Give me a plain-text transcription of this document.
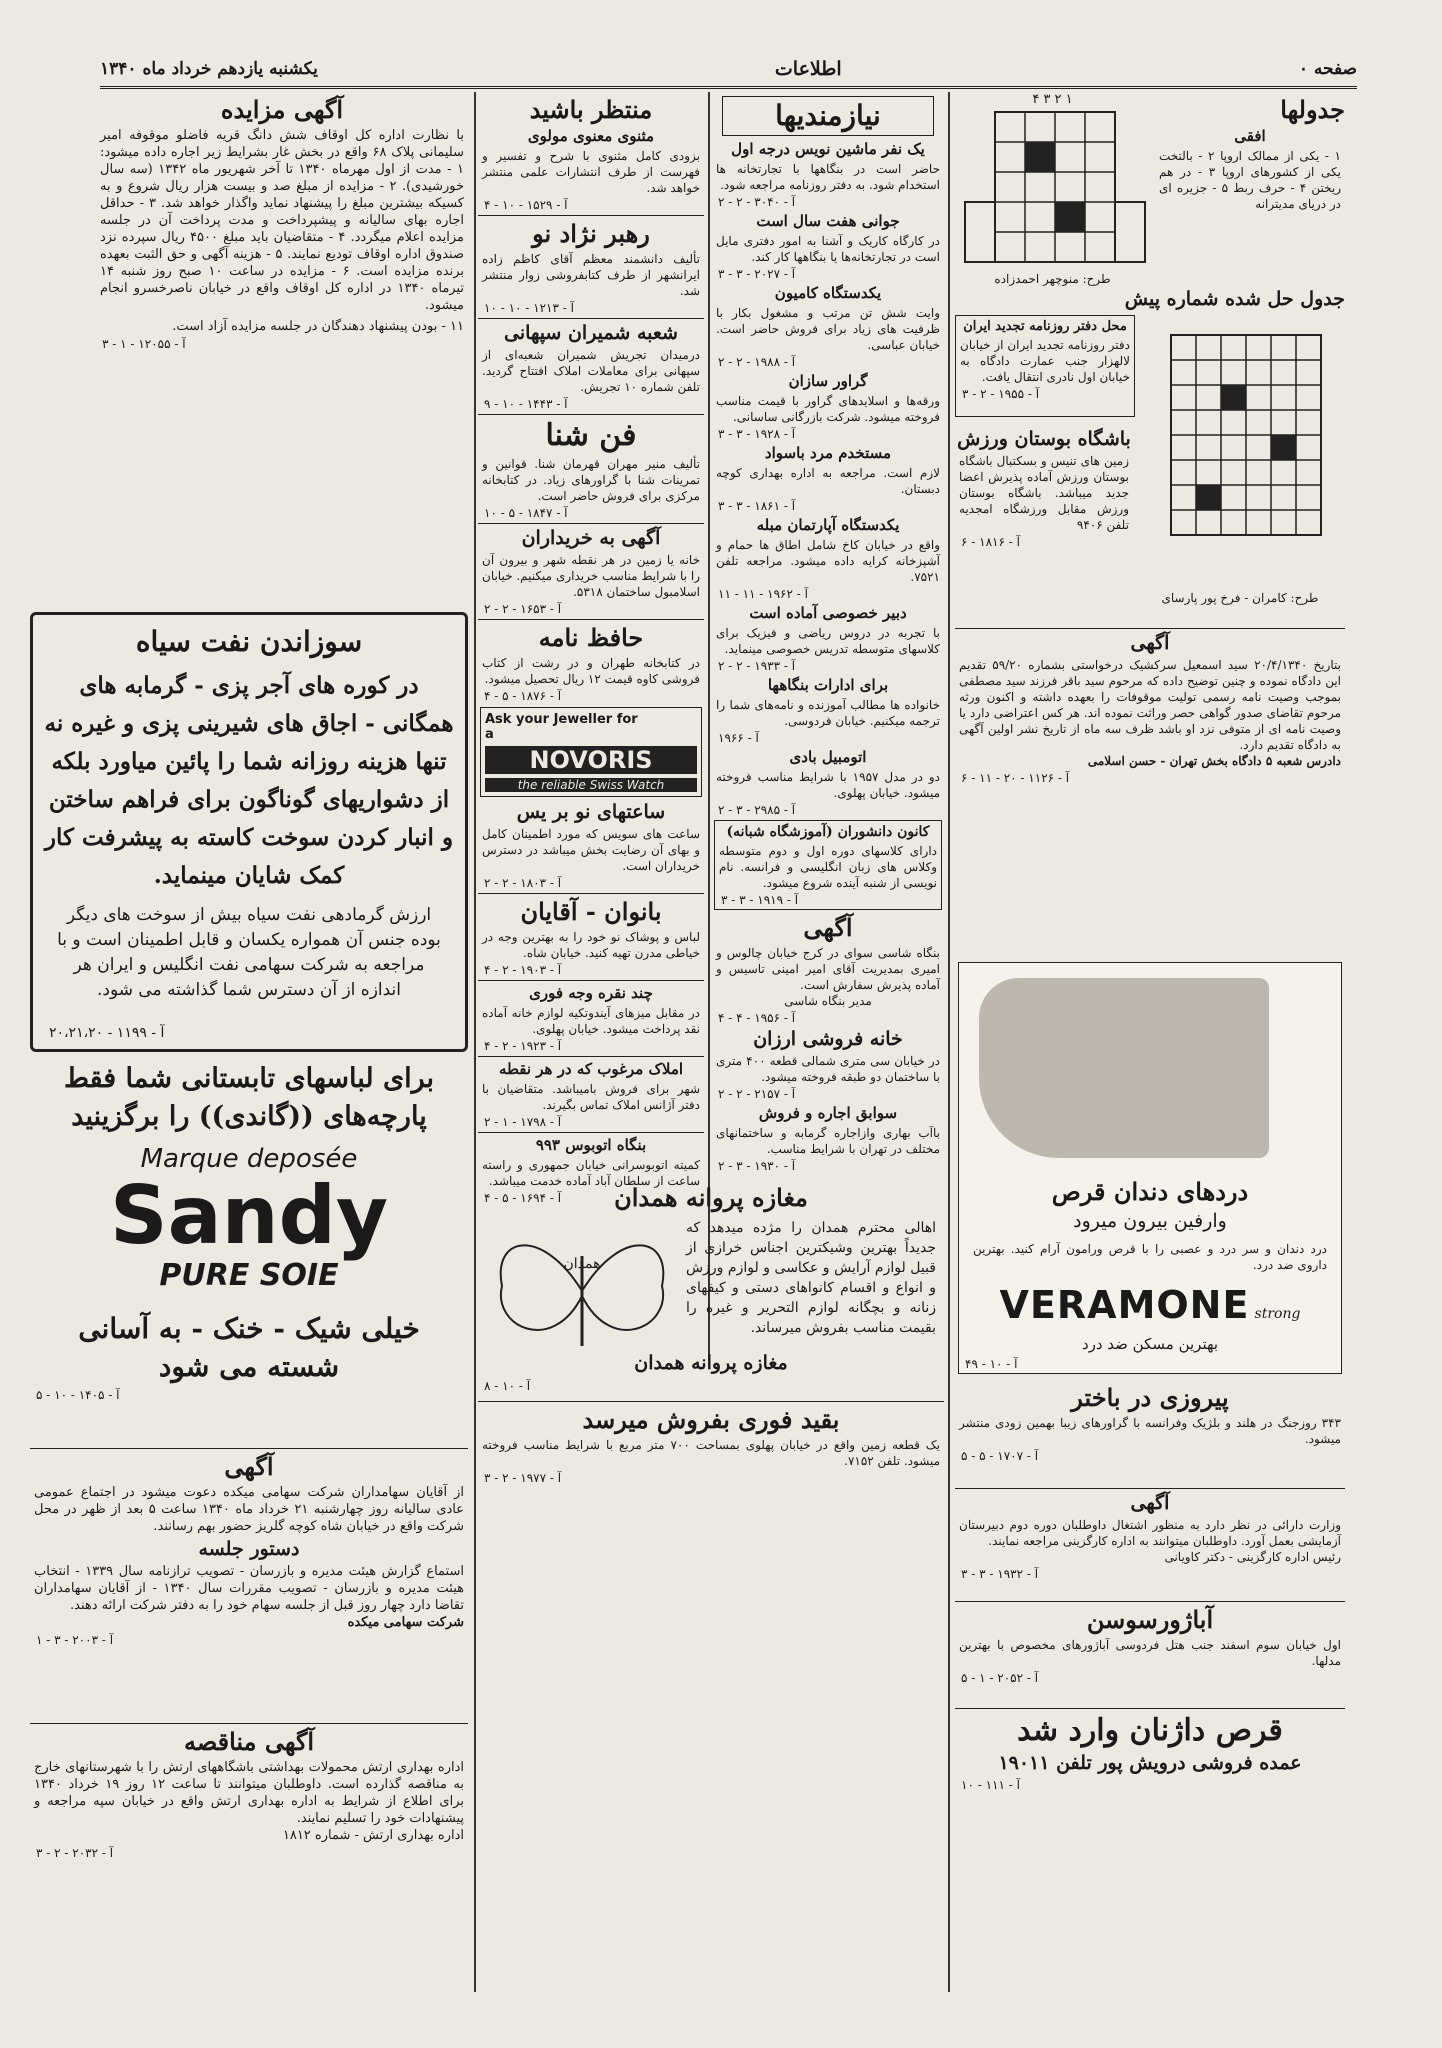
صفحه ۰
اطلاعات
یکشنبه یازدهم خرداد ماه ۱۳۴۰
جدولها
افقی
۱ - یکی از ممالک اروپا ۲ - بالتخت یکی از کشورهای اروپا ۳ - در هم ریختن ۴ - حرف ربط ۵ - جزیره ای در دریای مدیترانه
۴ ۳ ۲ ۱
طرح: منوچهر احمدزاده
جدول حل شده شماره پیش
طرح: کامران - فرخ پور پارسای
محل دفتر روزنامه تجدید ایران
دفتر روزنامه تجدید ایران از خیابان لالهزار جنب عمارت دادگاه به خیابان اول نادری انتقال یافت.
آ - ۱۹۵۵ - ۲ - ۳
باشگاه بوستان ورزش
زمین های تنیس و بسکتبال باشگاه بوستان ورزش آماده پذیرش اعضا جدید میباشد. باشگاه بوستان ورزش مقابل ورزشگاه امجدیه تلفن ۹۴۰۶
آ - ۱۸۱۶ - ۶
آگهی
بتاریخ ۲۰/۴/۱۳۴۰ سید اسمعیل سرکشیک درخواستی بشماره ۵۹/۲۰ تقدیم این دادگاه نموده و چنین توضیح داده که مرحوم سید باقر فرزند سید مصطفی بموجب وصیت نامه رسمی تولیت موقوفات را بعهده داشته و اکنون ورثه مرحوم تقاضای صدور گواهی حصر وراثت نموده اند. هر کس اعتراضی دارد یا وصیت نامه ای از متوفی نزد او باشد ظرف سه ماه از تاریخ نشر اولین آگهی به دادگاه تقدیم دارد.
دادرس شعبه ۵ دادگاه بخش تهران - حسن اسلامی
آ - ۱۱۲۶ - ۲۰ - ۱۱ - ۶
دردهای دندان قرص
وارفين بيرون ميرود
درد دندان و سر درد و عصبی را با قرص ورامون آرام کنید. بهترین داروی ضد درد.
VERAMONE strong
بهترین مسکن ضد درد
آ - ۱۰ - ۴۹
پیروزی در باختر
۳۴۳ روزجنگ در هلند و بلژیک وفرانسه با گراورهای زیبا بهمین زودی منتشر میشود.
آ - ۱۷۰۷ - ۵ - ۵
آگهی
وزارت دارائی در نظر دارد به منظور اشتغال داوطلبان دوره دوم دبیرستان آزمایشی بعمل آورد. داوطلبان میتوانند به اداره کارگزینی مراجعه نمایند.
رئیس اداره کارگزینی - دکتر کاویانی
آ - ۱۹۳۲ - ۳ - ۳
آباژورسوسن
اول خیابان سوم اسفند جنب هتل فردوسی آباژورهای مخصوص با بهترین مدلها.
آ - ۲۰۵۲ - ۱ - ۵
قرص داژنان وارد شد
عمده فروشی درویش پور تلفن ۱۹۰۱۱
آ - ۱۱۱ - ۱۰
نیازمندیها
یک نفر ماشین نویس درجه اول
حاضر است در بنگاهها با تجارتخانه ها استخدام شود. به دفتر روزنامه مراجعه شود.
آ - ۳۰۴۰ - ۲ - ۲
جوانی هفت سال است
در کارگاه کاریک و آشنا به امور دفتری مایل است در تجارتخانه‌ها یا بنگاهها کار کند.
آ - ۲۰۲۷ - ۳ - ۳
یکدستگاه کامیون
وایت شش تن مرتب و مشغول بکار با ظرفیت های زیاد برای فروش حاضر است. خیابان عباسی.
آ - ۱۹۸۸ - ۲ - ۲
گراور سازان
ورقه‌ها و اسلایدهای گراور با قیمت مناسب فروخته میشود. شرکت بازرگانی ساسانی.
آ - ۱۹۲۸ - ۳ - ۳
مستخدم مرد باسواد
لازم است. مراجعه به اداره بهداری کوچه دبستان.
آ - ۱۸۶۱ - ۳ - ۳
یکدستگاه آپارتمان مبله
واقع در خیابان کاخ شامل اطاق ها حمام و آشپزخانه کرایه داده میشود. مراجعه تلفن ۷۵۲۱.
آ - ۱۹۶۲ - ۱۱ - ۱۱
دبیر خصوصی آماده است
با تجربه در دروس ریاضی و فیزیک برای کلاسهای متوسطه تدریس خصوصی مینماید.
آ - ۱۹۳۳ - ۲ - ۲
برای ادارات بنگاهها
خانواده ها مطالب آموزنده و نامه‌های شما را ترجمه میکنیم. خیابان فردوسی.
آ - ۱۹۶۶
اتومبیل بادی
دو در مدل ۱۹۵۷ با شرایط مناسب فروخته میشود. خیابان پهلوی.
آ - ۲۹۸۵ - ۳ - ۲
کانون دانشوران (آموزشگاه شبانه)
دارای کلاسهای دوره اول و دوم متوسطه وکلاس های زبان انگلیسی و فرانسه. نام نویسی از شنبه آینده شروع میشود.
آ - ۱۹۱۹ - ۳ - ۳
آگهی
بنگاه شاسی سوای در کرج خیابان چالوس و امیری بمدیریت آقای امیر امینی تاسیس و آماده پذیرش سفارش است.
مدیر بنگاه شاسی
آ - ۱۹۵۶ - ۴ - ۴
خانه فروشی ارزان
در خیابان سی متری شمالی قطعه ۴۰۰ متری با ساختمان دو طبقه فروخته میشود.
آ - ۲۱۵۷ - ۲ - ۲
سوابق اجاره و فروش
باآب بهاری وازاجاره گرمابه و ساختمانهای مختلف در تهران با شرایط مناسب.
آ - ۱۹۳۰ - ۳ - ۲
منتظر باشید
مثنوی معنوی مولوی
بزودی کامل مثنوی با شرح و تفسیر و فهرست از طرف انتشارات علمی منتشر خواهد شد.
آ - ۱۵۲۹ - ۱۰ - ۴
رهبر نژاد نو
تألیف دانشمند معظم آقای کاظم زاده ایرانشهر از طرف کتابفروشی زوار منتشر شد.
آ - ۱۲۱۳ - ۱۰ - ۱۰
شعبه شمیران سپهانی
درمیدان تجریش شمیران شعبه‌ای از سپهانی برای معاملات املاک افتتاح گردید. تلفن شماره ۱۰ تجریش.
آ - ۱۴۴۳ - ۱۰ - ۹
فن شنا
تألیف منیر مهران قهرمان شنا. قوانین و تمرینات شنا با گراورهای زیاد. در کتابخانه مرکزی برای فروش حاضر است.
آ - ۱۸۴۷ - ۵ - ۱۰
آگهی به خریداران
خانه یا زمین در هر نقطه شهر و بیرون آن را با شرایط مناسب خریداری میکنیم. خیابان اسلامبول ساختمان ۵۳۱۸.
آ - ۱۶۵۳ - ۲ - ۲
حافظ نامه
در کتابخانه طهران و در رشت از کتاب فروشی کاوه قیمت ۱۲ ریال تحصیل میشود.
آ - ۱۸۷۶ - ۵ - ۴
Ask your Jeweller for
a
NOVORIS
the reliable Swiss Watch
ساعتهای نو بر یس
ساعت های سویس که مورد اطمینان کامل و بهای آن رضایت بخش میباشد در دسترس خریداران است.
آ - ۱۸۰۳ - ۲ - ۲
بانوان - آقایان
لباس و پوشاک نو خود را به بهترین وجه در خیاطی مدرن تهیه کنید. خیابان شاه.
آ - ۱۹۰۳ - ۲ - ۴
چند نقره وجه فوری
در مقابل میزهای آیندوتکیه لوازم خانه آماده نقد پرداخت میشود. خیابان پهلوی.
آ - ۱۹۲۳ - ۲ - ۴
املاک مرغوب که در هر نقطه
شهر برای فروش بامیباشد. متقاضیان با دفتر آژانس املاک تماس بگیرند.
آ - ۱۷۹۸ - ۱ - ۲
بنگاه اتوبوس ۹۹۳
کمیته اتوبوسرانی خیابان جمهوری و راسته ساعت از سلطان آباد آماده خدمت میباشد.
آ - ۱۶۹۴ - ۵ - ۴	مغازه پروانه همدان
همدان
اهالی محترم همدان را مژده میدهد که جدیداً بهترین وشیکترین اجناس خرازی از قبیل لوازم آرایش و عکاسی و لوازم ورزش و انواع و اقسام کانواهای دستی و کیفهای زنانه و بچگانه لوازم التحریر و غیره را بقیمت مناسب بفروش میرساند.
مغازه پروانه همدان
آ - ۱۰ - ۸
بقید فوری بفروش میرسد
یک قطعه زمین واقع در خیابان پهلوی بمساحت ۷۰۰ متر مربع با شرایط مناسب فروخته میشود. تلفن ۷۱۵۲.
آ - ۱۹۷۷ - ۲ - ۳
آگهی مزایده
با نظارت اداره کل اوقاف شش دانگ قریه فاضلو موقوفه امیر سلیمانی پلاک ۶۸ واقع در بخش غار بشرایط زیر اجاره داده میشود: ۱ - مدت از اول مهرماه ۱۳۴۰ تا آخر شهریور ماه ۱۳۴۲ (سه سال خورشیدی). ۲ - مزایده از مبلغ صد و بیست هزار ریال شروع و به کسیکه بیشترین مبلغ را پیشنهاد نماید واگذار خواهد شد. ۳ - حداقل اجاره بهای سالیانه و پیشپرداخت و مدت پرداخت آن در جلسه مزایده اعلام میگردد. ۴ - متقاضیان باید مبلغ ۴۵۰۰ ریال سپرده نزد صندوق اداره اوقاف تودیع نمایند. ۵ - هزینه آگهی و حق الثبت بعهده برنده مزایده است. ۶ - مزایده در ساعت ۱۰ صبح روز شنبه ۱۴ تیرماه ۱۳۴۰ در اداره کل اوقاف واقع در خیابان ناصرخسرو انجام میشود.
۱۱ - بودن پیشنهاد دهندگان در جلسه مزایده آزاد است.
آ - ۱۲۰۵۵ - ۱ - ۳
سوزاندن نفت سیاه
در کوره های آجر پزی - گرمابه های
همگانی - اجاق های شیرینی پزی و غیره نه
تنها هزینه روزانه شما را پائین میاورد بلکه
از دشواریهای گوناگون برای فراهم ساختن
و انبار کردن سوخت کاسته به پیشرفت کار
کمک شایان مینماید.
ارزش گرمادهی نفت سیاه بیش از سوخت های دیگر بوده جنس آن همواره یکسان و قابل اطمینان است و با مراجعه به شرکت سهامی نفت انگلیس و ایران هر اندازه از آن دسترس شما گذاشته می شود.
آ - ۱۱۹۹ - ۲۰،۲۱،۲۰
برای لباسهای تابستانی شما فقط
پارچه‌های ((گاندی)) را برگزینید
Marque deposée
Sandy
PURE SOIE
خیلی شیک - خنک - به آسانی
شسته می شود
آ - ۱۴۰۵ - ۱۰ - ۵
آگهی
از آقایان سهامداران شرکت سهامی میکده دعوت میشود در اجتماع عمومی عادی سالیانه روز چهارشنبه ۲۱ خرداد ماه ۱۳۴۰ ساعت ۵ بعد از ظهر در محل شرکت واقع در خیابان شاه کوچه گلریز حضور بهم رسانند.
دستور جلسه
استماع گزارش هیئت مدیره و بازرسان - تصویب ترازنامه سال ۱۳۳۹ - انتخاب هیئت مدیره و بازرسان - تصویب مقررات سال ۱۳۴۰ - از آقایان سهامداران تقاضا دارد چهار روز قبل از جلسه سهام خود را به دفتر شرکت ارائه دهند.
شرکت سهامی میکده
آ - ۲۰۰۳ - ۳ - ۱
آگهی مناقصه
اداره بهداری ارتش محمولات بهداشتی باشگاههای ارتش را با شهرستانهای خارج به مناقصه گذارده است. داوطلبان میتوانند تا ساعت ۱۲ روز ۱۹ خرداد ۱۳۴۰ برای اطلاع از شرایط به اداره بهداری ارتش واقع در خیابان سپه مراجعه و پیشنهادات خود را تسلیم نمایند.
اداره بهداری ارتش - شماره ۱۸۱۲
آ - ۲۰۳۲ - ۲ - ۳
